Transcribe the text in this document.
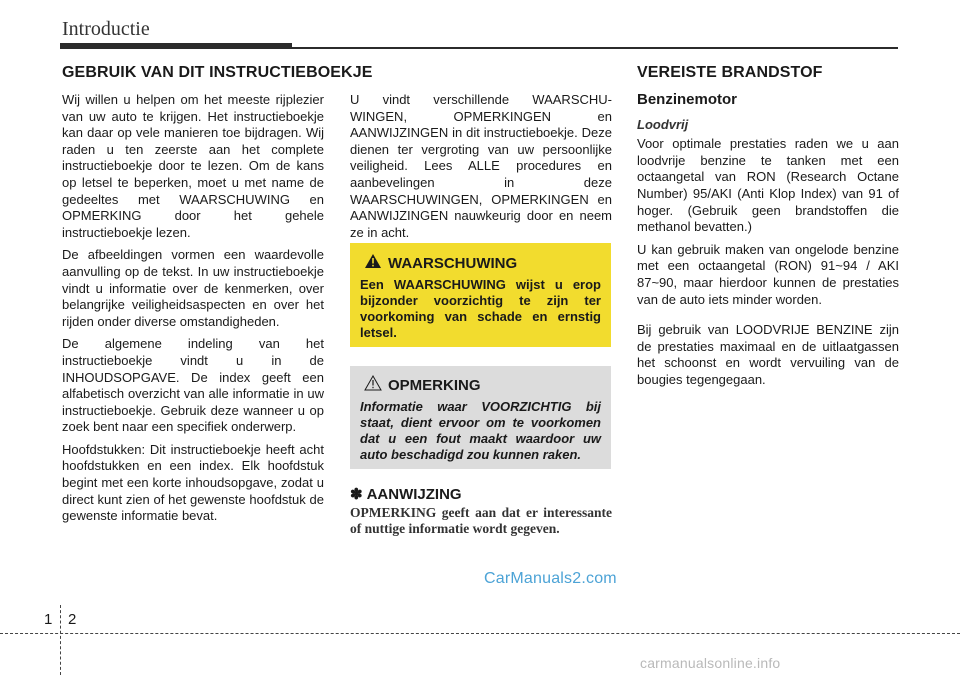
Introductie
GEBRUIK VAN DIT INSTRUCTIEBOEKJE

Wij willen u helpen om het meeste rijplezier van uw auto te krijgen. Het instructieboekje kan daar op vele manieren toe bijdragen. Wij raden u ten zeerste aan het complete instructieboekje door te lezen. Om de kans op letsel te beperken, moet u met name de gedeeltes met WAARSCHUWING en OPMERKING door het gehele instructieboekje lezen.

De afbeeldingen vormen een waardevolle aanvulling op de tekst. In uw instructieboekje vindt u informatie over de kenmerken, over belangrijke veiligheidsaspecten en over het rijden onder diverse omstandigheden.

De algemene indeling van het instructieboekje vindt u in de INHOUDSOPGAVE. De index geeft een alfabetisch overzicht van alle informatie in uw instructieboekje. Gebruik deze wanneer u op zoek bent naar een specifiek onderwerp.

Hoofdstukken: Dit instructieboekje heeft acht hoofdstukken en een index. Elk hoofdstuk begint met een korte inhoudsopgave, zodat u direct kunt zien of het gewenste hoofdstuk de gewenste informatie bevat.

U vindt verschillende WAARSCHU- WINGEN, OPMERKINGEN en AANWIJZINGEN in dit instructieboekje. Deze dienen ter vergroting van uw persoonlijke veiligheid. Lees ALLE procedures en aanbevelingen in deze WAARSCHUWINGEN, OPMERKINGEN en AANWIJZINGEN nauwkeurig door en neem ze in acht.

WAARSCHUWING
Een WAARSCHUWING wijst u erop bijzonder voorzichtig te zijn ter voorkoming van schade en ernstig letsel.
OPMERKING
Informatie waar VOORZICHTIG bij staat, dient ervoor om te voorkomen dat u een fout maakt waardoor uw auto beschadigd zou kunnen raken.
✽ AANWIJZING
OPMERKING geeft aan dat er interessante of nuttige informatie wordt gegeven.
VEREISTE BRANDSTOF
Benzinemotor
Loodvrij

Voor optimale prestaties raden we u aan loodvrije benzine te tanken met een octaangetal van RON (Research Octane Number) 95/AKI (Anti Klop Index) van 91 of hoger. (Gebruik geen brandstoffen die methanol bevatten.)

U kan gebruik maken van ongelode benzine met een octaangetal (RON) 91~94 / AKI 87~90, maar hierdoor kunnen de prestaties van de auto iets minder worden.

Bij gebruik van LOODVRIJE BENZINE zijn de prestaties maximaal en de uitlaatgassen het schoonst en wordt vervuiling van de bougies tegengegaan.

CarManuals2.com
carmanualsonline.info
1 2
